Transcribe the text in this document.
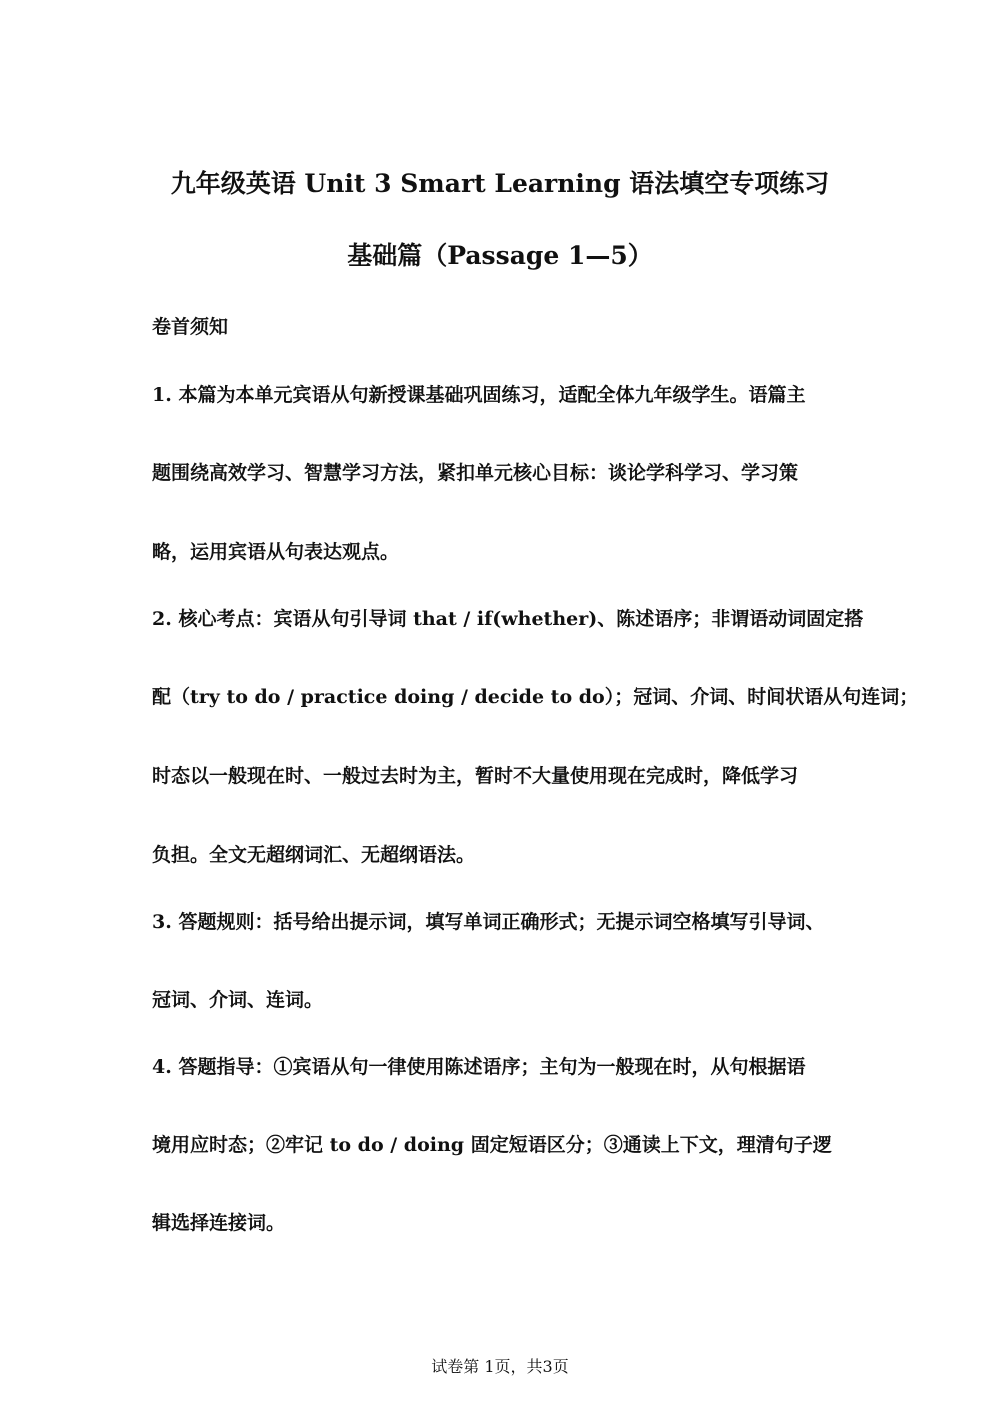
九年级英语 Unit 3 Smart Learning 语法填空专项练习
基础篇（Passage 1—5）
卷首须知
1. 本篇为本单元宾语从句新授课基础巩固练习，适配全体九年级学生。语篇主
题围绕高效学习、智慧学习方法，紧扣单元核心目标：谈论学科学习、学习策
略，运用宾语从句表达观点。
2. 核心考点：宾语从句引导词 that / if(whether)、陈述语序；非谓语动词固定搭
配（try to do / practice doing / decide to do）；冠词、介词、时间状语从句连词；
时态以一般现在时、一般过去时为主，暂时不大量使用现在完成时，降低学习
负担。全文无超纲词汇、无超纲语法。
3. 答题规则：括号给出提示词，填写单词正确形式；无提示词空格填写引导词、
冠词、介词、连词。
4. 答题指导：①宾语从句一律使用陈述语序；主句为一般现在时，从句根据语
境用应时态；②牢记 to do / doing 固定短语区分；③通读上下文，理清句子逻
辑选择连接词。
试卷第 1页，共3页
